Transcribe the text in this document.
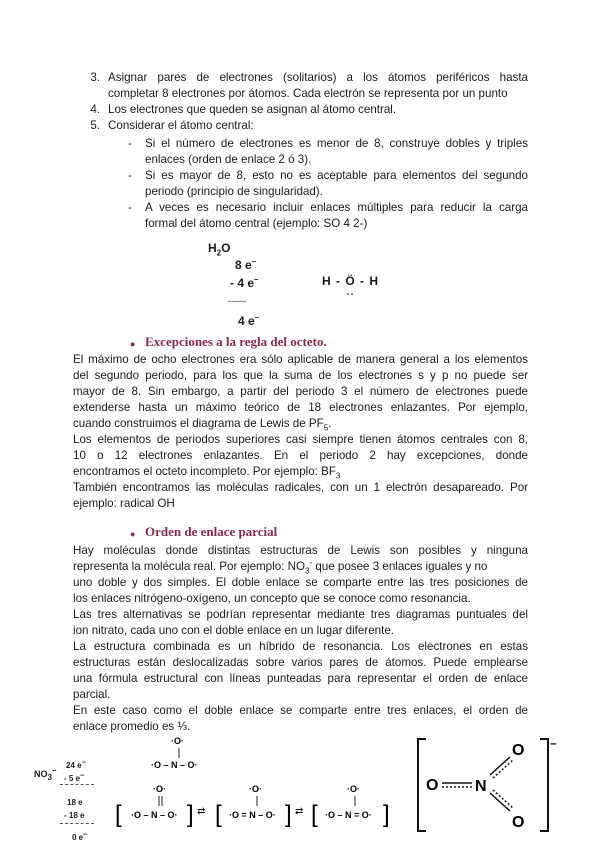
3. Asignar pares de electrones (solitarios) a los átomos periféricos hasta
completar 8 electrones por átomos. Cada electrón se representa por un punto
4. Los electrones que queden se asignan al átomo central.
5. Considerar el átomo central:
- Si el número de electrones es menor de 8, construye dobles y triples
enlaces (orden de enlace 2 ó 3).
- Si es mayor de 8, esto no es aceptable para elementos del segundo
periodo (principio de singularidad).
- A veces es necesario incluir enlaces múltiples para reducir la carga
formal del átomo central (ejemplo: SO 4 2-)
$H_2O$
8 e–
- 4 e–
------
4 e–
H - Ö - H
● Excepciones a la regla del octeto.
El máximo de ocho electrones era sólo aplicable de manera general a los elementos
del segundo periodo, para los que la suma de los electrones s y p no puede ser
mayor de 8. Sin embargo, a partir del periodo 3 el número de electrones puede
extenderse hasta un máximo teórico de 18 electrones enlazantes. Por ejemplo,
cuando construimos el diagrama de Lewis de $PF_5$.
Los elementos de periodos superiores casi siempre tienen átomos centrales con 8,
10 o 12 electrones enlazantes. En el periodo 2 hay excepciones, donde
encontramos el octeto incompleto. Por ejemplo: $BF_3$
También encontramos las moléculas radicales, con un 1 electrón desapareado. Por
ejemplo: radical OH
● Orden de enlace parcial
Hay moléculas donde distintas estructuras de Lewis son posibles y ninguna
representa la molécula real. Por ejemplo: $NO_3^-$ que posee 3 enlaces iguales y no
uno doble y dos simples. El doble enlace se comparte entre las tres posiciones de
los enlaces nitrógeno-oxígeno, un concepto que se conoce como resonancia.
Las tres alternativas se podrían representar mediante tres diagramas puntuales del
ion nitrato, cada uno con el doble enlace en un lugar diferente.
La estructura combinada es un híbrido de resonancia. Los electrones en estas
estructuras están deslocalizadas sobre varios pares de átomos. Puede emplearse
una fórmula estructural con líneas punteadas para representar el orden de enlace
parcial.
En este caso como el doble enlace se comparte entre tres enlaces, el orden de
enlace promedio es ⅓.
$NO_3^-$
24 e–
- 5 e–
18 e
- 18 e
0 e–
·O·
·O – N – O·
[
·O·
·O – N – O· ] ⇄ [
·O·
·O = N – O· ] ⇄ [
·O·
·O – N = O· ]
O N
O
O
–
